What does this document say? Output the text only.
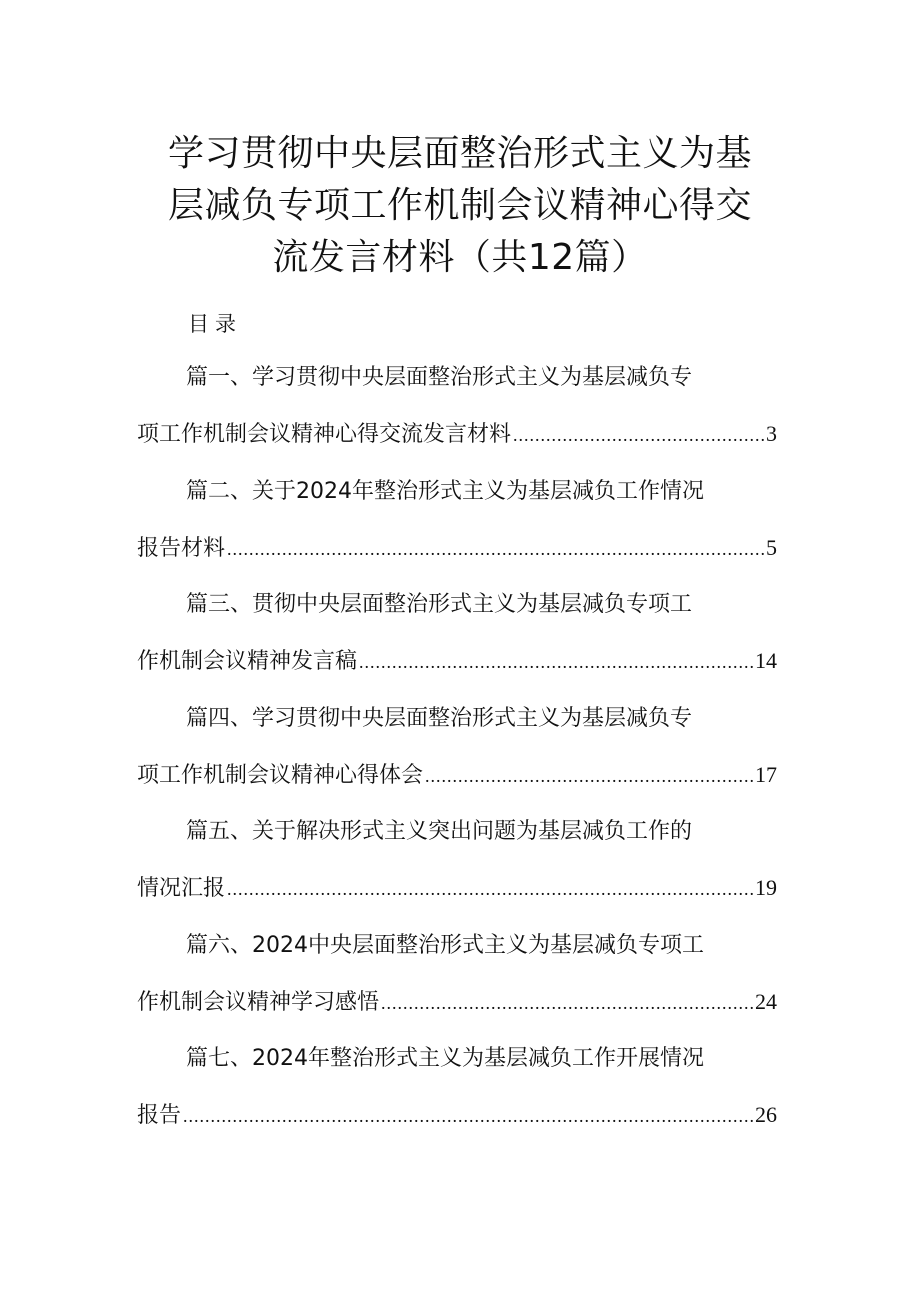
学习贯彻中央层面整治形式主义为基层减负专项工作机制会议精神心得交流发言材料（共12篇）
目录
篇一、学习贯彻中央层面整治形式主义为基层减负专
项工作机制会议精神心得交流发言材料 .....	3
篇二、关于2024年整治形式主义为基层减负工作情况
报告材料 .....	5
篇三、贯彻中央层面整治形式主义为基层减负专项工
作机制会议精神发言稿 .....	14
篇四、学习贯彻中央层面整治形式主义为基层减负专
项工作机制会议精神心得体会 .....	17
篇五、关于解决形式主义突出问题为基层减负工作的
情况汇报 .....	19
篇六、2024中央层面整治形式主义为基层减负专项工
作机制会议精神学习感悟 .....	24
篇七、2024年整治形式主义为基层减负工作开展情况
报告 .....	26
